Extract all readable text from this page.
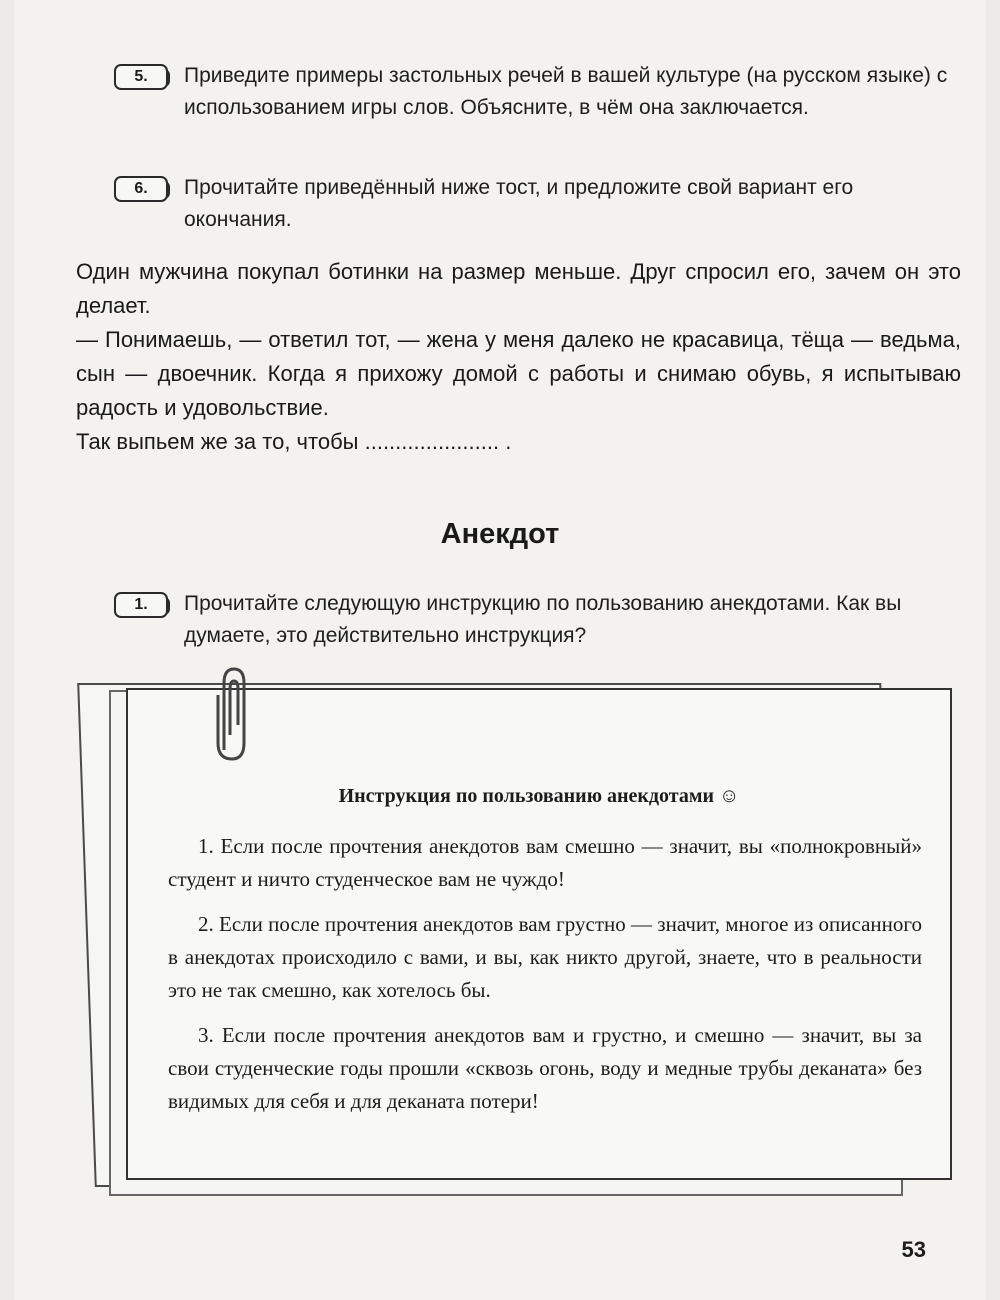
5.	Приведите примеры застольных речей в вашей культуре (на русском языке) с использованием игры слов. Объясните, в чём она заключается.
6.	Прочитайте приведённый ниже тост, и предложите свой вариант его окончания.

Один мужчина покупал ботинки на размер меньше. Друг спросил его, зачем он это делает.

— Понимаешь, — ответил тот, — жена у меня далеко не красавица, тёща — ведьма, сын — двоечник. Когда я прихожу домой с работы и снимаю обувь, я испытываю радость и удовольствие.

Так выпьем же за то, чтобы ...................... .

Анекдот
1.	Прочитайте следующую инструкцию по пользованию анекдотами. Как вы думаете, это действительно инструкция?
Инструкция по пользованию анекдотами ☺

1. Если после прочтения анекдотов вам смешно — значит, вы «полнокровный» студент и ничто студенческое вам не чуждо!

2. Если после прочтения анекдотов вам грустно — значит, многое из описанного в анекдотах происходило с вами, и вы, как никто другой, знаете, что в реальности это не так смешно, как хотелось бы.

3. Если после прочтения анекдотов вам и грустно, и смешно — значит, вы за свои студенческие годы прошли «сквозь огонь, воду и медные трубы деканата» без видимых для себя и для деканата потери!

53
